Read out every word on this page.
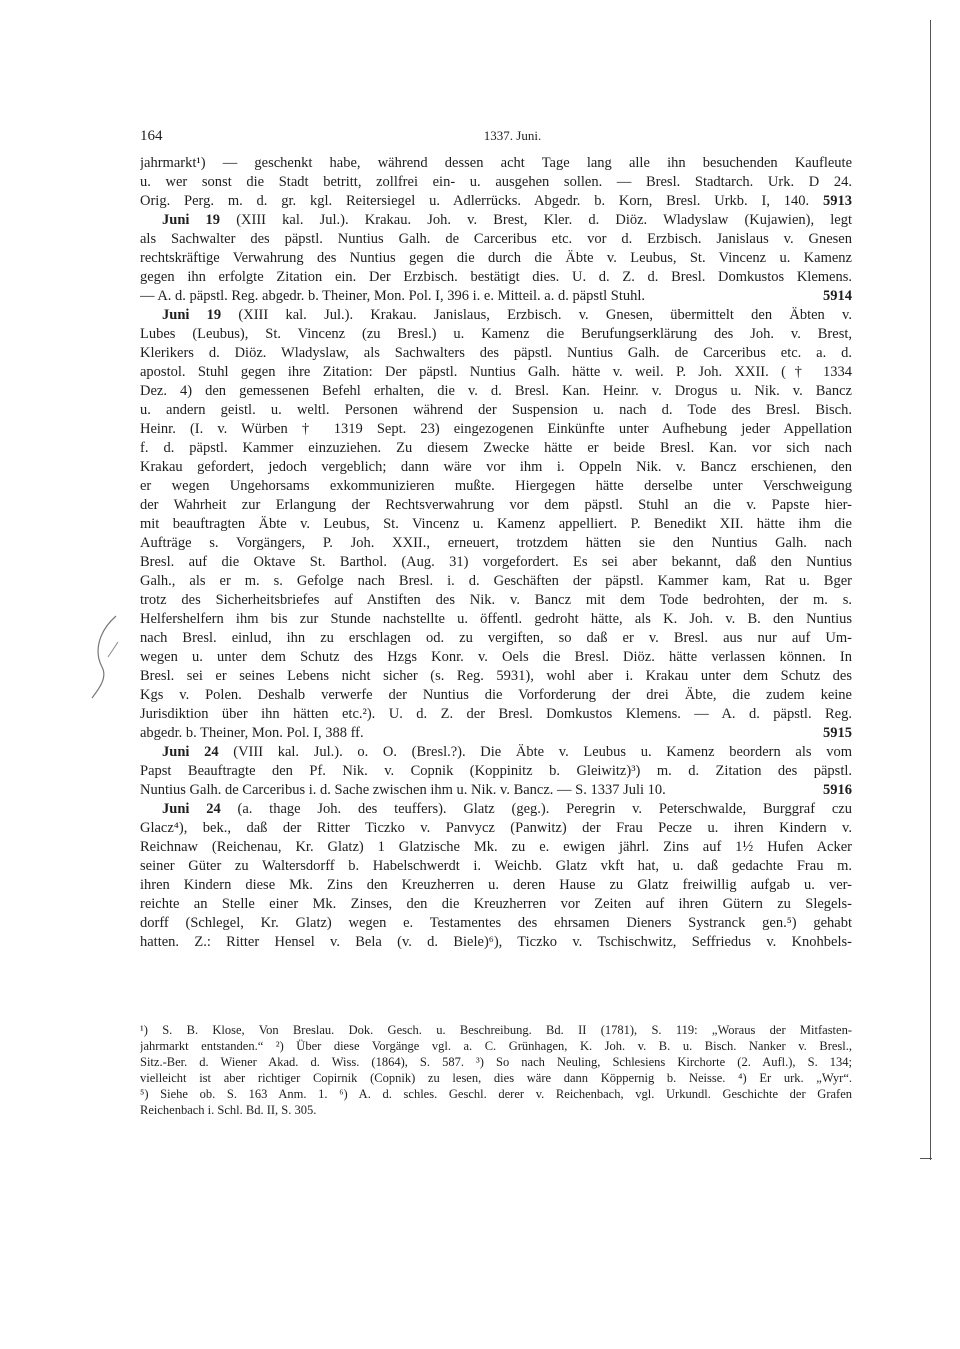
164	1337. Juni.
jahrmarkt¹) — geschenkt habe, während dessen acht Tage lang alle ihn besuchenden Kaufleute
u. wer sonst die Stadt betritt, zollfrei ein- u. ausgehen sollen. — Bresl. Stadtarch. Urk. D 24.
Orig. Perg. m. d. gr. kgl. Reitersiegel u. Adlerrücks. Abgedr. b. Korn, Bresl. Urkb. I, 140. 5913
Juni 19 (XIII kal. Jul.). Krakau. Joh. v. Brest, Kler. d. Diöz. Wladyslaw (Kujawien), legt
als Sachwalter des päpstl. Nuntius Galh. de Carceribus etc. vor d. Erzbisch. Janislaus v. Gnesen
rechtskräftige Verwahrung des Nuntius gegen die durch die Äbte v. Leubus, St. Vincenz u. Kamenz
gegen ihn erfolgte Zitation ein. Der Erzbisch. bestätigt dies. U. d. Z. d. Bresl. Domkustos Klemens.
5914
— A. d. päpstl. Reg. abgedr. b. Theiner, Mon. Pol. I, 396 i. e. Mitteil. a. d. päpstl Stuhl.
Juni 19 (XIII kal. Jul.). Krakau. Janislaus, Erzbisch. v. Gnesen, übermittelt den Äbten v.
Lubes (Leubus), St. Vincenz (zu Bresl.) u. Kamenz die Berufungserklärung des Joh. v. Brest,
Klerikers d. Diöz. Wladyslaw, als Sachwalters des päpstl. Nuntius Galh. de Carceribus etc. a. d.
apostol. Stuhl gegen ihre Zitation: Der päpstl. Nuntius Galh. hätte v. weil. P. Joh. XXII. († 1334
Dez. 4) den gemessenen Befehl erhalten, die v. d. Bresl. Kan. Heinr. v. Drogus u. Nik. v. Bancz
u. andern geistl. u. weltl. Personen während der Suspension u. nach d. Tode des Bresl. Bisch.
Heinr. (I. v. Würben † 1319 Sept. 23) eingezogenen Einkünfte unter Aufhebung jeder Appellation
f. d. päpstl. Kammer einzuziehen. Zu diesem Zwecke hätte er beide Bresl. Kan. vor sich nach
Krakau gefordert, jedoch vergeblich; dann wäre vor ihm i. Oppeln Nik. v. Bancz erschienen, den
er wegen Ungehorsams exkommunizieren mußte. Hiergegen hätte derselbe unter Verschweigung
der Wahrheit zur Erlangung der Rechtsverwahrung vor dem päpstl. Stuhl an die v. Papste hier-
mit beauftragten Äbte v. Leubus, St. Vincenz u. Kamenz appelliert. P. Benedikt XII. hätte ihm die
Aufträge s. Vorgängers, P. Joh. XXII., erneuert, trotzdem hätten sie den Nuntius Galh. nach
Bresl. auf die Oktave St. Barthol. (Aug. 31) vorgefordert. Es sei aber bekannt, daß den Nuntius
Galh., als er m. s. Gefolge nach Bresl. i. d. Geschäften der päpstl. Kammer kam, Rat u. Bger
trotz des Sicherheitsbriefes auf Anstiften des Nik. v. Bancz mit dem Tode bedrohten, der m. s.
Helfershelfern ihm bis zur Stunde nachstellte u. öffentl. gedroht hätte, als K. Joh. v. B. den Nuntius
nach Bresl. einlud, ihn zu erschlagen od. zu vergiften, so daß er v. Bresl. aus nur auf Um-
wegen u. unter dem Schutz des Hzgs Konr. v. Oels die Bresl. Diöz. hätte verlassen können. In
Bresl. sei er seines Lebens nicht sicher (s. Reg. 5931), wohl aber i. Krakau unter dem Schutz des
Kgs v. Polen. Deshalb verwerfe der Nuntius die Vorforderung der drei Äbte, die zudem keine
Jurisdiktion über ihn hätten etc.²). U. d. Z. der Bresl. Domkustos Klemens. — A. d. päpstl. Reg.
5915
abgedr. b. Theiner, Mon. Pol. I, 388 ff.
Juni 24 (VIII kal. Jul.). o. O. (Bresl.?). Die Äbte v. Leubus u. Kamenz beordern als vom
Papst Beauftragte den Pf. Nik. v. Copnik (Koppinitz b. Gleiwitz)³) m. d. Zitation des päpstl.
5916
Nuntius Galh. de Carceribus i. d. Sache zwischen ihm u. Nik. v. Bancz. — S. 1337 Juli 10.
Juni 24 (a. thage Joh. des teuffers). Glatz (geg.). Peregrin v. Peterschwalde, Burggraf czu
Glacz⁴), bek., daß der Ritter Ticzko v. Panvycz (Panwitz) der Frau Pecze u. ihren Kindern v.
Reichnaw (Reichenau, Kr. Glatz) 1 Glatzische Mk. zu e. ewigen jährl. Zins auf 1½ Hufen Acker
seiner Güter zu Waltersdorff b. Habelschwerdt i. Weichb. Glatz vkft hat, u. daß gedachte Frau m.
ihren Kindern diese Mk. Zins den Kreuzherren u. deren Hause zu Glatz freiwillig aufgab u. ver-
reichte an Stelle einer Mk. Zinses, den die Kreuzherren vor Zeiten auf ihren Gütern zu Slegels-
dorff (Schlegel, Kr. Glatz) wegen e. Testamentes des ehrsamen Dieners Systranck gen.⁵) gehabt
hatten. Z.: Ritter Hensel v. Bela (v. d. Biele)⁶), Ticzko v. Tschischwitz, Seffriedus v. Knohbels-
¹) S. B. Klose, Von Breslau. Dok. Gesch. u. Beschreibung. Bd. II (1781), S. 119: „Woraus der Mitfasten-
jahrmarkt entstanden.“ ²) Über diese Vorgänge vgl. a. C. Grünhagen, K. Joh. v. B. u. Bisch. Nanker v. Bresl.,
Sitz.-Ber. d. Wiener Akad. d. Wiss. (1864), S. 587. ³) So nach Neuling, Schlesiens Kirchorte (2. Aufl.), S. 134;
vielleicht ist aber richtiger Copirnik (Copnik) zu lesen, dies wäre dann Köppernig b. Neisse. ⁴) Er urk. „Wyr“.
⁵) Siehe ob. S. 163 Anm. 1. ⁶) A. d. schles. Geschl. derer v. Reichenbach, vgl. Urkundl. Geschichte der Grafen
Reichenbach i. Schl. Bd. II, S. 305.
